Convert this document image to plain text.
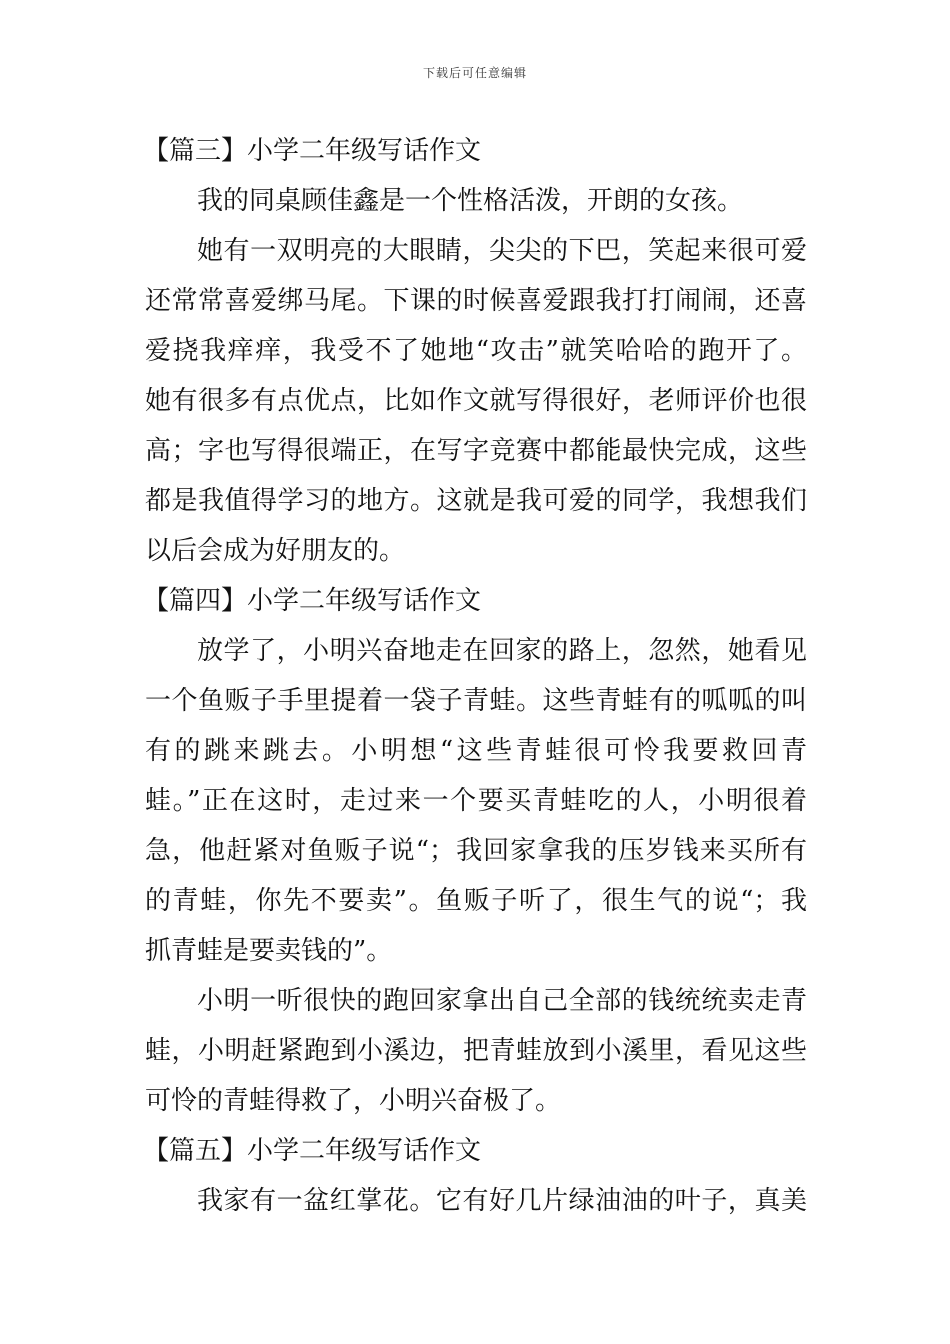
下载后可任意编辑
【篇三】小学二年级写话作文
我的同桌顾佳鑫是一个性格活泼，开朗的女孩。
她有一双明亮的大眼睛，尖尖的下巴，笑起来很可爱
还常常喜爱绑马尾。下课的时候喜爱跟我打打闹闹，还喜
爱挠我痒痒，我受不了她地“攻击”就笑哈哈的跑开了。
她有很多有点优点，比如作文就写得很好，老师评价也很
高；字也写得很端正，在写字竞赛中都能最快完成，这些
都是我值得学习的地方。这就是我可爱的同学，我想我们
以后会成为好朋友的。
【篇四】小学二年级写话作文
放学了，小明兴奋地走在回家的路上，忽然，她看见
一个鱼贩子手里提着一袋子青蛙。这些青蛙有的呱呱的叫
有的跳来跳去。小明想“这些青蛙很可怜我要救回青
蛙。”正在这时，走过来一个要买青蛙吃的人，小明很着
急，他赶紧对鱼贩子说“；我回家拿我的压岁钱来买所有
的青蛙，你先不要卖”。鱼贩子听了，很生气的说“；我
抓青蛙是要卖钱的”。
小明一听很快的跑回家拿出自己全部的钱统统卖走青
蛙，小明赶紧跑到小溪边，把青蛙放到小溪里，看见这些
可怜的青蛙得救了，小明兴奋极了。
【篇五】小学二年级写话作文
我家有一盆红掌花。它有好几片绿油油的叶子，真美
